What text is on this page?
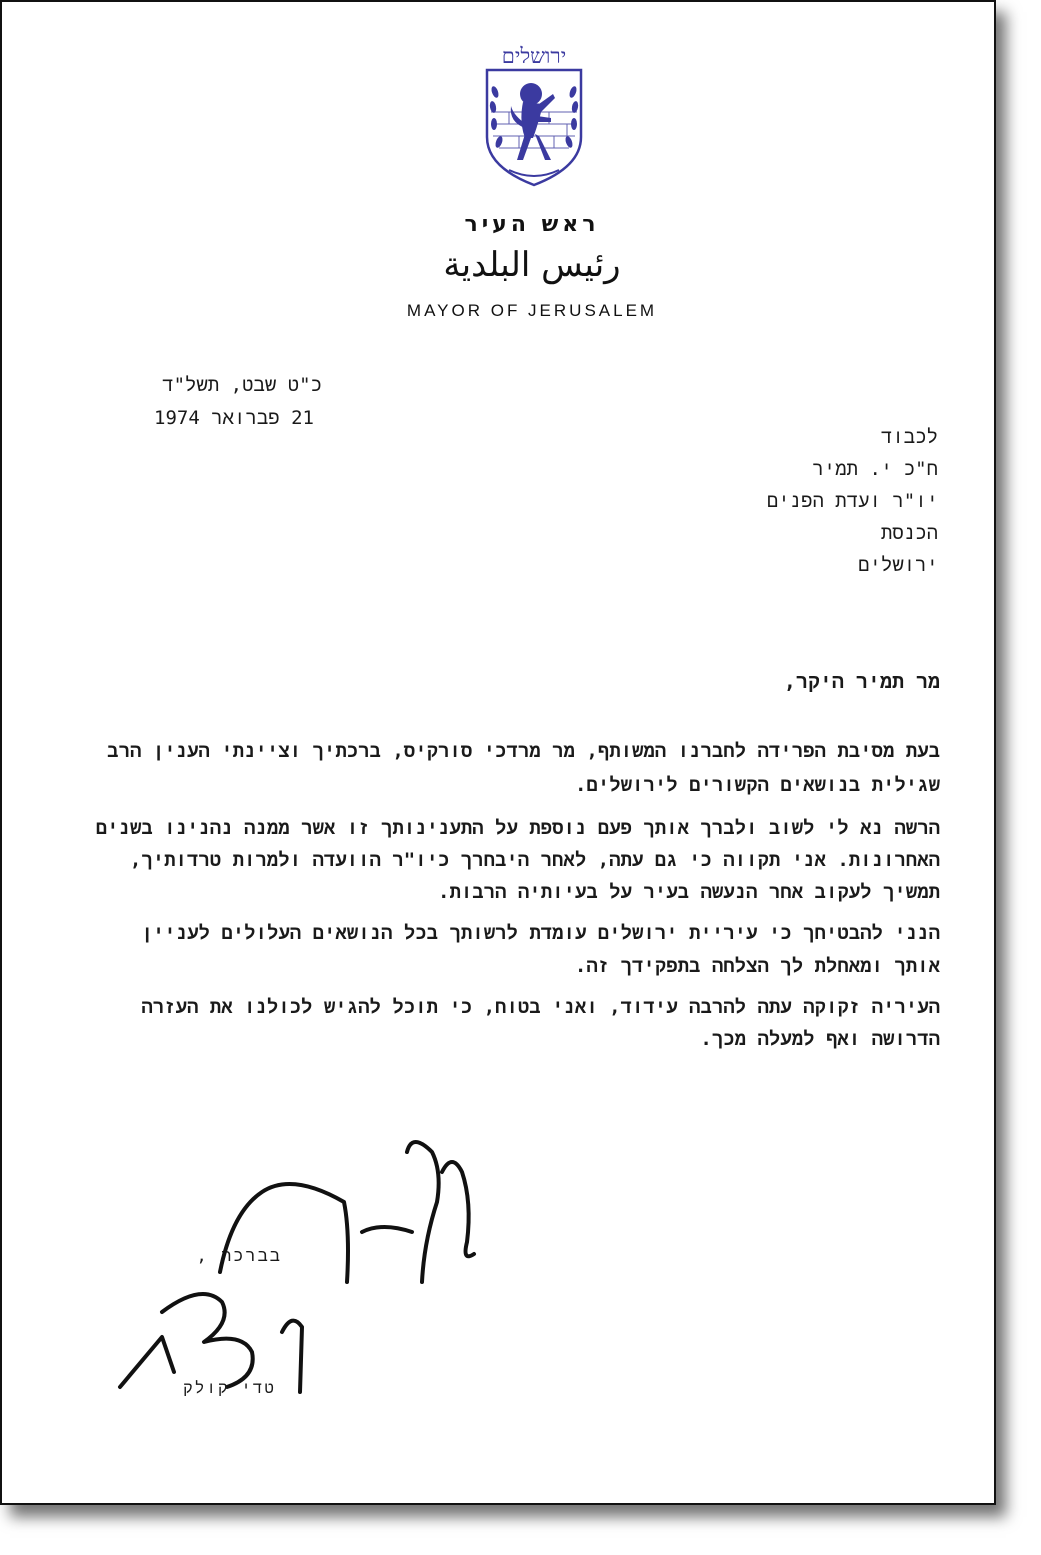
ירושלים
ראש העיר
رئيس البلدية
MAYOR OF JERUSALEM
כ"ט שבט, תשל"ד
21 פברואר 1974
לכבוד
ח"כ י. תמיר
יו"ר ועדת הפנים
הכנסת
ירושלים
מר תמיר היקר,
בעת מסיבת הפרידה לחברנו המשותף, מר מרדכי סורקיס, ברכתיך וציינתי הענין הרב
שגילית בנושאים הקשורים לירושלים.
הרשה נא לי לשוב ולברך אותך פעם נוספת על התענינותך זו אשר ממנה נהנינו בשנים
האחרונות. אני תקווה כי גם עתה, לאחר היבחרך כיו"ר הוועדה ולמרות טרדותיך,
תמשיך לעקוב אחר הנעשה בעיר על בעיותיה הרבות.
הנני להבטיחך כי עיריית ירושלים עומדת לרשותך בכל הנושאים העלולים לעניין
אותך ומאחלת לך הצלחה בתפקידך זה.
העיריה זקוקה עתה להרבה עידוד, ואני בטוח, כי תוכל להגיש לכולנו את העזרה
הדרושה ואף למעלה מכך.
בברכה ,
טדי קולק
